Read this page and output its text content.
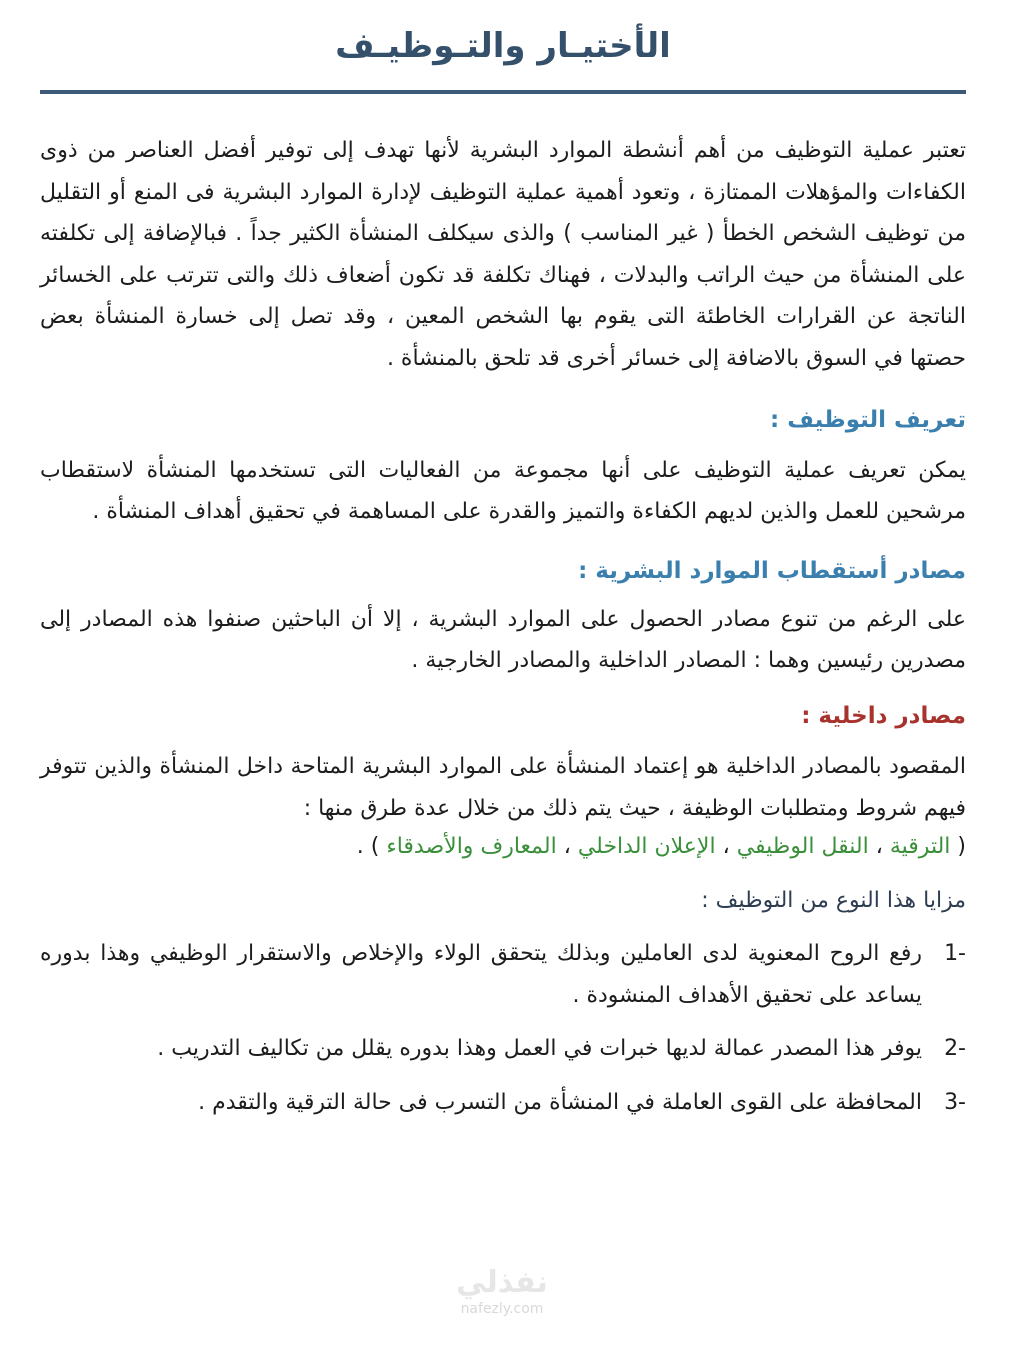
الأختيـار والتـوظيـف

تعتبر عملية التوظيف من أهم أنشطة الموارد البشرية لأنها تهدف إلى توفير أفضل العناصر من ذوى الكفاءات والمؤهلات الممتازة ، وتعود أهمية عملية التوظيف لإدارة الموارد البشرية فى المنع أو التقليل من توظيف الشخص الخطأ ( غير المناسب ) والذى سيكلف المنشأة الكثير جداً . فبالإضافة إلى تكلفته على المنشأة من حيث الراتب والبدلات ، فهناك تكلفة قد تكون أضعاف ذلك والتى تترتب على الخسائر الناتجة عن القرارات الخاطئة التى يقوم بها الشخص المعين ، وقد تصل إلى خسارة المنشأة بعض حصتها في السوق بالاضافة إلى خسائر أخرى قد تلحق بالمنشأة .

تعريف التوظيف :

يمكن تعريف عملية التوظيف على أنها مجموعة من الفعاليات التى تستخدمها المنشأة لاستقطاب مرشحين للعمل والذين لديهم الكفاءة والتميز والقدرة على المساهمة في تحقيق أهداف المنشأة .

مصادر أستقطاب الموارد البشرية :

على الرغم من تنوع مصادر الحصول على الموارد البشرية ، إلا أن الباحثين صنفوا هذه المصادر إلى مصدرين رئيسين وهما : المصادر الداخلية والمصادر الخارجية .

مصادر داخلية :

المقصود بالمصادر الداخلية هو إعتماد المنشأة على الموارد البشرية المتاحة داخل المنشأة والذين تتوفر فيهم شروط ومتطلبات الوظيفة ، حيث يتم ذلك من خلال عدة طرق منها :

( الترقية ، النقل الوظيفي ، الإعلان الداخلي ، المعارف والأصدقاء ) .

مزايا هذا النوع من التوظيف :

1-
رفع الروح المعنوية لدى العاملين وبذلك يتحقق الولاء والإخلاص والاستقرار الوظيفي وهذا بدوره يساعد على تحقيق الأهداف المنشودة .
2-
يوفر هذا المصدر عمالة لديها خبرات في العمل وهذا بدوره يقلل من تكاليف التدريب .
3-
المحافظة على القوى العاملة في المنشأة من التسرب فى حالة الترقية والتقدم .
نفذلي
nafezly.com
